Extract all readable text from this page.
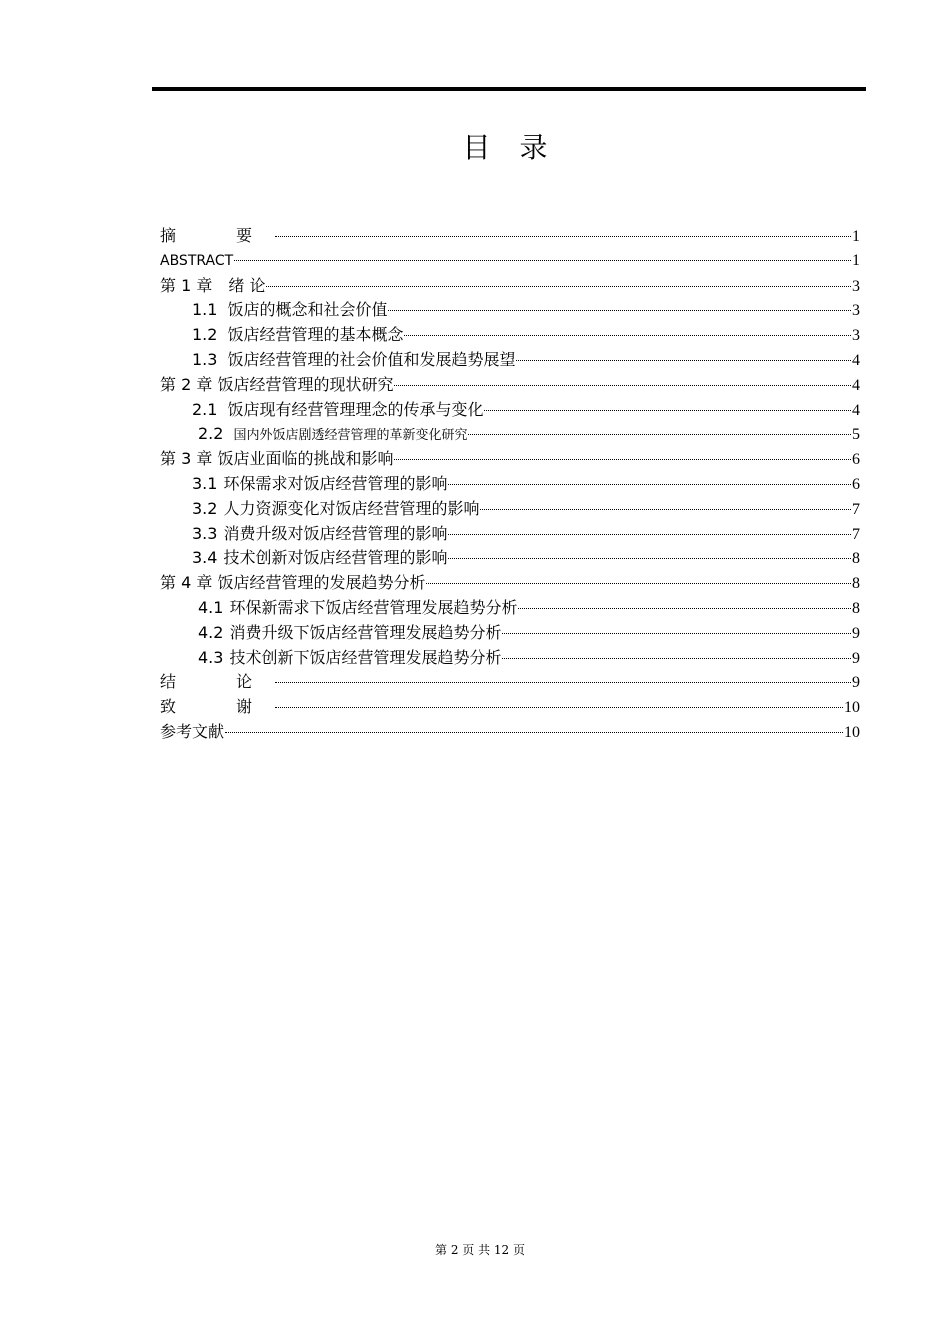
目 录
摘　要	1
ABSTRACT	1
第 1 章　绪 论	3
1.1 饭店的概念和社会价值	3
1.2 饭店经营管理的基本概念	3
1.3 饭店经营管理的社会价值和发展趋势展望	4
第 2 章 饭店经营管理的现状研究	4
2.1 饭店现有经营管理理念的传承与变化	4
2.2 国内外饭店剧透经营管理的革新变化研究	5
第 3 章 饭店业面临的挑战和影响	6
3.1 环保需求对饭店经营管理的影响	6
3.2 人力资源变化对饭店经营管理的影响	7
3.3 消费升级对饭店经营管理的影响	7
3.4 技术创新对饭店经营管理的影响	8
第 4 章 饭店经营管理的发展趋势分析	8
4.1 环保新需求下饭店经营管理发展趋势分析	8
4.2 消费升级下饭店经营管理发展趋势分析	9
4.3 技术创新下饭店经营管理发展趋势分析	9
结　论	9
致　谢	10
参考文献	10
第 2 页 共 12 页
